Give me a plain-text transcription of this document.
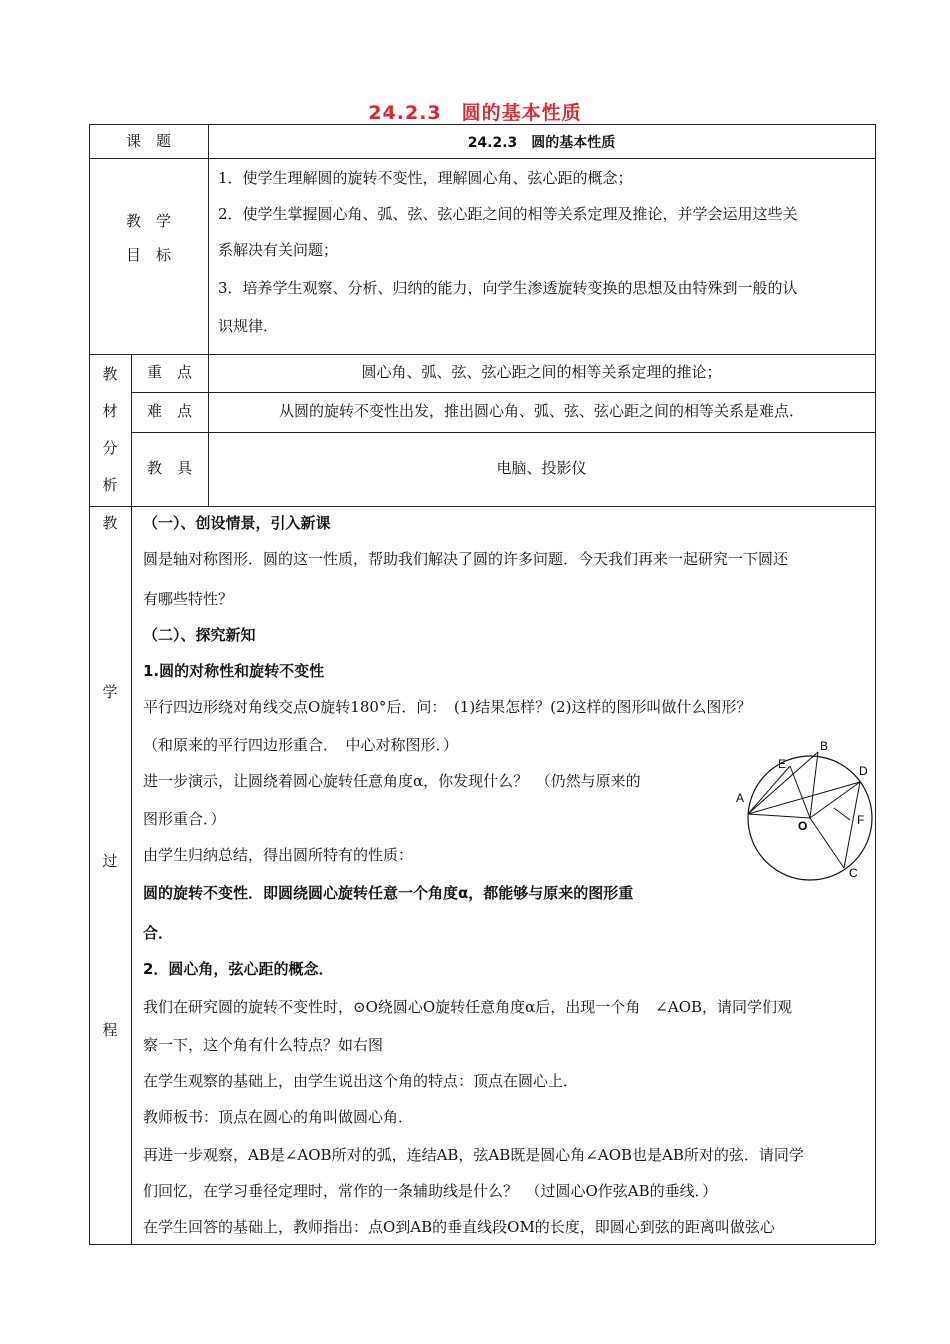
24.2.3　圆的基本性质
课　题	24.2.3　圆的基本性质
教　学
目　标
1．使学生理解圆的旋转不变性，理解圆心角、弦心距的概念；
2．使学生掌握圆心角、弧、弦、弦心距之间的相等关系定理及推论，并学会运用这些关
系解决有关问题；
3．培养学生观察、分析、归纳的能力，向学生渗透旋转变换的思想及由特殊到一般的认
识规律．
教
材
分
析
重　点	圆心角、弧、弦、弦心距之间的相等关系定理的推论；
难　点	从圆的旋转不变性出发，推出圆心角、弧、弦、弦心距之间的相等关系是难点．
教　具	电脑、投影仪
教
学
过
程
（一）、创设情景，引入新课
圆是轴对称图形．圆的这一性质，帮助我们解决了圆的许多问题．今天我们再来一起研究一下圆还
有哪些特性？
（二）、探究新知
1.圆的对称性和旋转不变性
平行四边形绕对角线交点O旋转180°后．问：　(1)结果怎样？(2)这样的图形叫做什么图形？
（和原来的平行四边形重合．　中心对称图形．）
进一步演示，让圆绕着圆心旋转任意角度α，你发现什么？　（仍然与原来的
图形重合．）
由学生归纳总结，得出圆所特有的性质：
圆的旋转不变性．即圆绕圆心旋转任意一个角度α，都能够与原来的图形重
合．
2．圆心角，弦心距的概念．
我们在研究圆的旋转不变性时，⊙O绕圆心O旋转任意角度α后，出现一个角　∠AOB，请同学们观
察一下，这个角有什么特点？如右图
在学生观察的基础上，由学生说出这个角的特点：顶点在圆心上．
教师板书：顶点在圆心的角叫做圆心角．
再进一步观察，AB是∠AOB所对的弧，连结AB，弦AB既是圆心角∠AOB也是AB所对的弦．请同学
们回忆，在学习垂径定理时，常作的一条辅助线是什么？　（过圆心O作弦AB的垂线．）
在学生回答的基础上，教师指出：点O到AB的垂直线段OM的长度，即圆心到弦的距离叫做弦心
A
B
D
E
F
C
O
